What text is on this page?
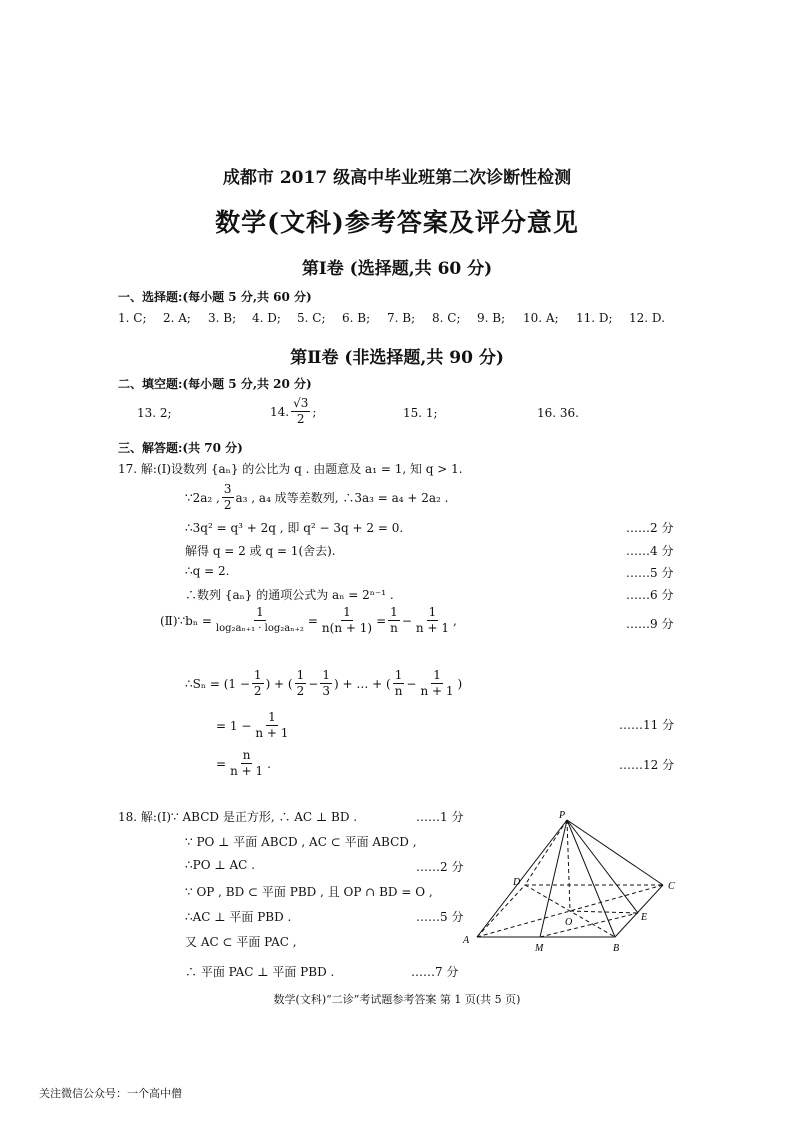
成都市 2017 级高中毕业班第二次诊断性检测
数学(文科)参考答案及评分意见
第Ⅰ卷 (选择题,共 60 分)
一、选择题:(每小题 5 分,共 60 分)
1. C;	2. A;	3. B;	4. D;	5. C;	6. B;	7. B;	8. C;	9. B;	10. A;	11. D;	12. D.
第Ⅱ卷 (非选择题,共 90 分)
二、填空题:(每小题 5 分,共 20 分)
13. 2;	14. $\frac{√3}{2}$ ;	15. 1;	16. 36.
三、解答题:(共 70 分)
17. 解:(Ⅰ)设数列 {aₙ} 的公比为 q . 由题意及 a₁ = 1, 知 q > 1.
∵2a₂ , $\frac{3}{2} a_3$ , a₄ 成等差数列, ∴3a₃ = a₄ + 2a₂ .
∴3q² = q³ + 2q , 即 q² − 3q + 2 = 0.	……2 分
解得 q = 2 或 q = 1(舍去).	……4 分
∴q = 2.	……5 分
∴数列 {aₙ} 的通项公式为 aₙ = 2ⁿ⁻¹ .	……6 分
(Ⅱ)∵bₙ = $\frac{1}{\text{log₂aₙ₊₁ · log₂aₙ₊₂}} = \frac{1}{n(n + 1)} = \frac{1}{n} - \frac{1}{n + 1}$ ,	……9 分
∴Sₙ = ($1 - \frac{1}{2}$ ) + ( $\frac{1}{2} - \frac{1}{3}$ ) + … + ( $\frac{1}{n} - \frac{1}{n + 1}$ )
= $1 - \frac{1}{n + 1}$	……11 分
= $\frac{n}{n + 1}$ .	……12 分
18. 解:(Ⅰ)∵ ABCD 是正方形, ∴ AC ⊥ BD .	……1 分
∵ PO ⊥ 平面 ABCD , AC ⊂ 平面 ABCD ,
∴PO ⊥ AC .	……2 分
∵ OP , BD ⊂ 平面 PBD , 且 OP ∩ BD = O ,
∴AC ⊥ 平面 PBD .	……5 分
又 AC ⊂ 平面 PAC ,
∴ 平面 PAC ⊥ 平面 PBD .	……7 分
P
D	C
O	E
A
M	B
数学(文科)“二诊”考试题参考答案 第 1 页(共 5 页)
关注微信公众号：一个高中僧
